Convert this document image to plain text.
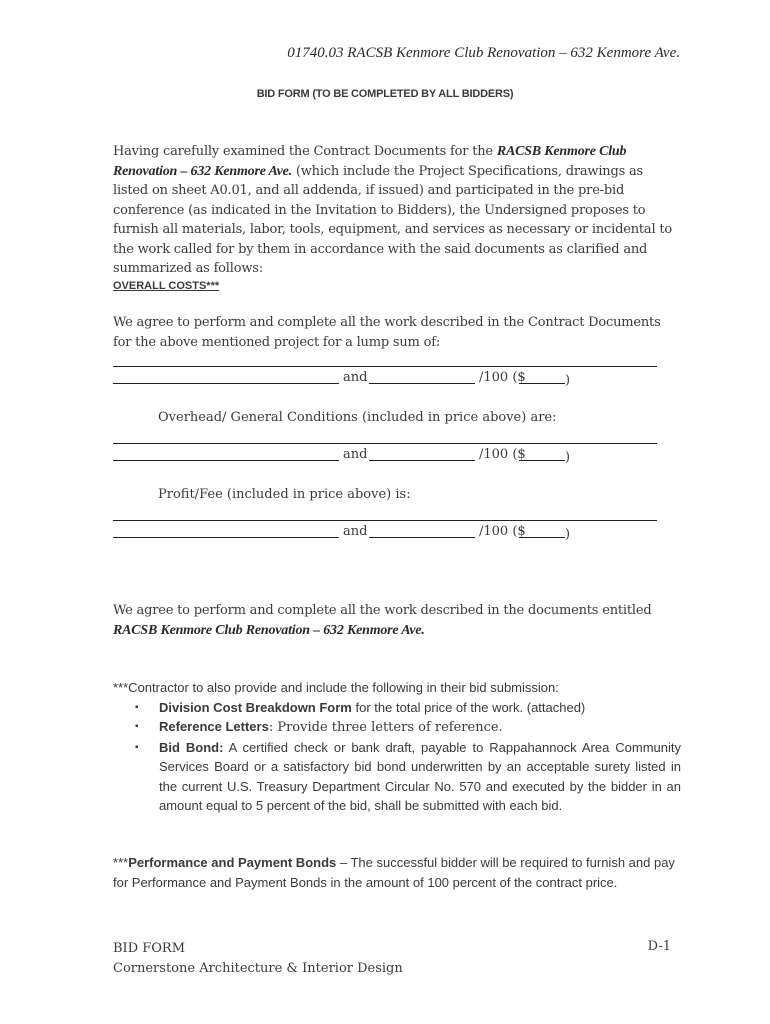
01740.03 RACSB Kenmore Club Renovation – 632 Kenmore Ave.
BID FORM (TO BE COMPLETED BY ALL BIDDERS)
Having carefully examined the Contract Documents for the RACSB Kenmore Club Renovation – 632 Kenmore Ave. (which include the Project Specifications, drawings as listed on sheet A0.01, and all addenda, if issued) and participated in the pre-bid conference (as indicated in the Invitation to Bidders), the Undersigned proposes to furnish all materials, labor, tools, equipment, and services as necessary or incidental to the work called for by them in accordance with the said documents as clarified and summarized as follows:
OVERALL COSTS***
We agree to perform and complete all the work described in the Contract Documents for the above mentioned project for a lump sum of:
and	/100 ($	)
Overhead/ General Conditions (included in price above) are:
and	/100 ($	)
Profit/Fee (included in price above) is:
and	/100 ($	)
We agree to perform and complete all the work described in the documents entitled RACSB Kenmore Club Renovation – 632 Kenmore Ave.
***Contractor to also provide and include the following in their bid submission:
▪ Division Cost Breakdown Form for the total price of the work. (attached)
▪ Reference Letters: Provide three letters of reference.
▪ Bid Bond: A certified check or bank draft, payable to Rappahannock Area Community Services Board or a satisfactory bid bond underwritten by an acceptable surety listed in the current U.S. Treasury Department Circular No. 570 and executed by the bidder in an amount equal to 5 percent of the bid, shall be submitted with each bid.
***Performance and Payment Bonds – The successful bidder will be required to furnish and pay for Performance and Payment Bonds in the amount of 100 percent of the contract price.
BID FORM
Cornerstone Architecture & Interior Design
D-1
